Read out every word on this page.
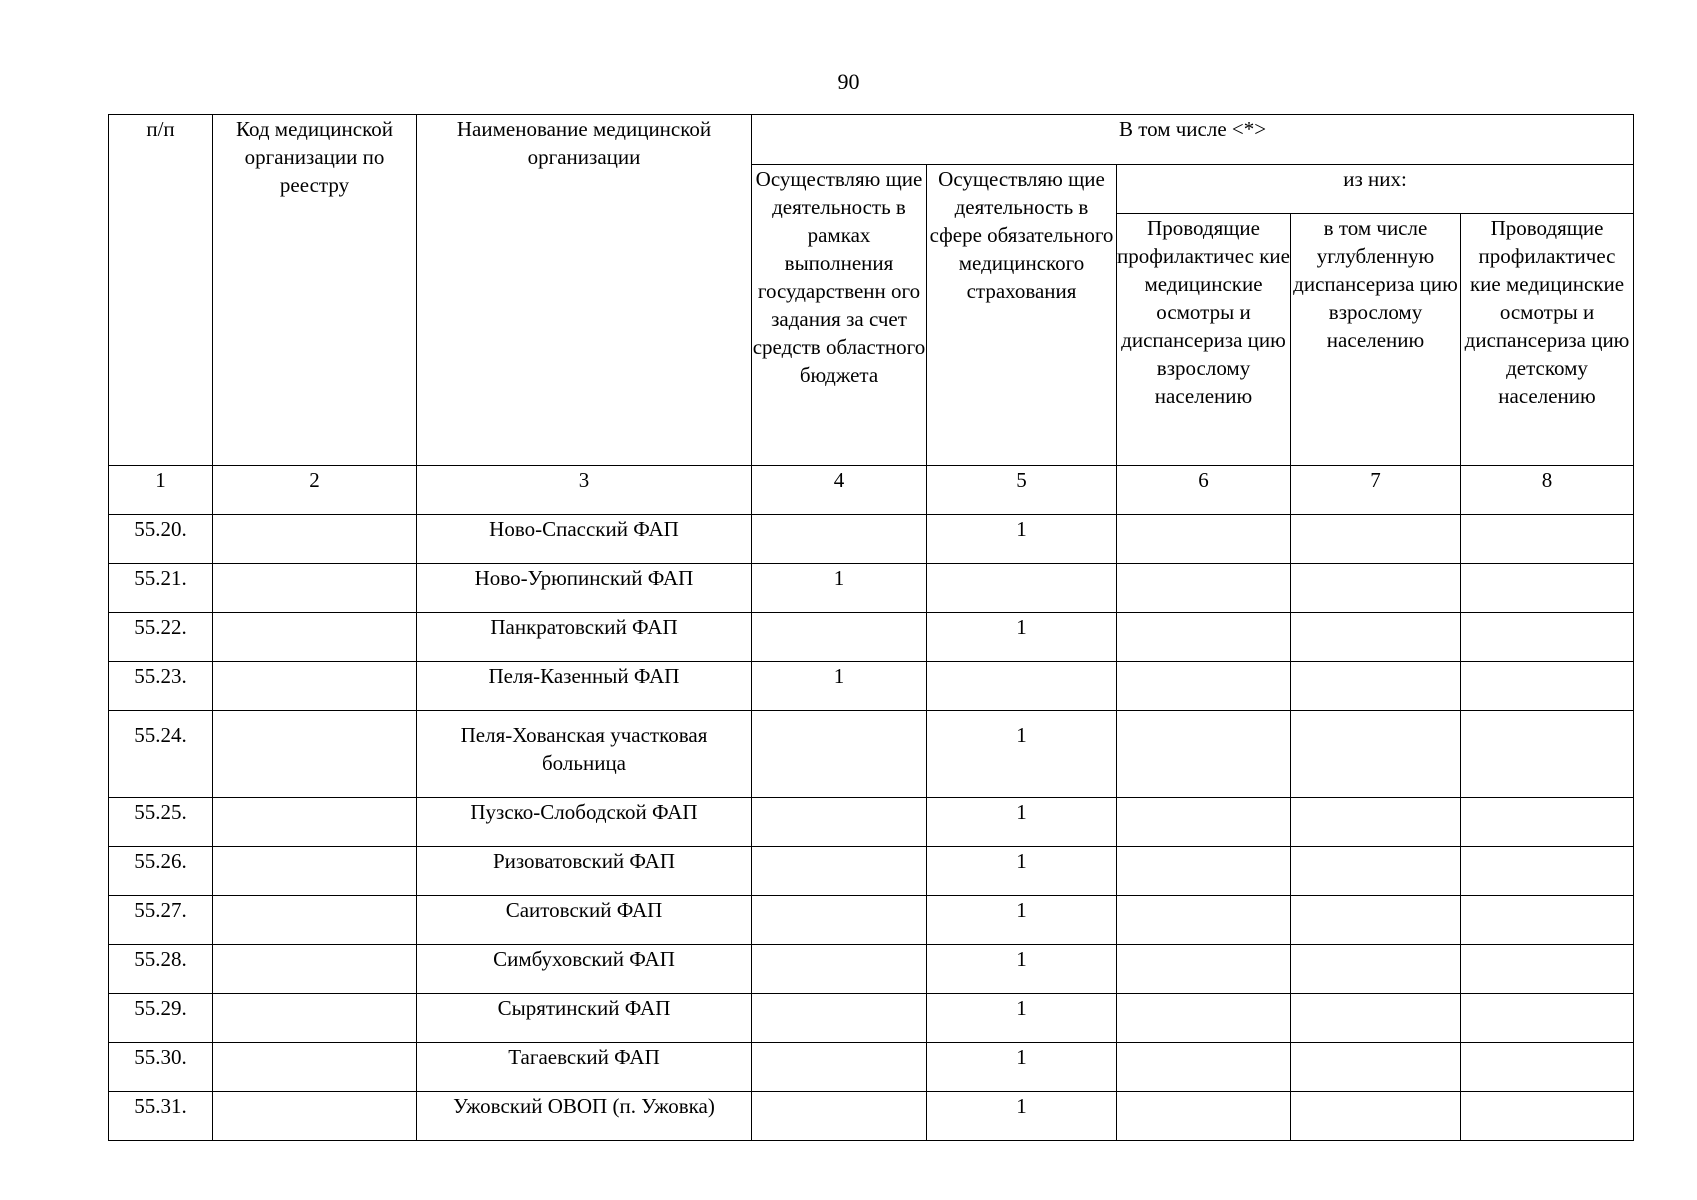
90
п/п	Код медицинской организации по реестру	Наименование медицинской организации	В том числе <*>				
			Осуществляю щие деятельность в рамках выполнения государственн ого задания за счет средств областного бюджета	Осуществляю щие деятельность в сфере обязательного медицинского страхования	из них:		
					Проводящие профилактичес кие медицинские осмотры и диспансериза цию взрослому населению	в том числе углубленную диспансериза цию взрослому населению	Проводящие профилактичес кие медицинские осмотры и диспансериза цию детскому населению
1	2	3	4	5	6	7	8
55.20.		Ново-Спасский ФАП		1			
55.21.		Ново-Урюпинский ФАП	1				
55.22.		Панкратовский ФАП		1			
55.23.		Пеля-Казенный ФАП	1				
55.24.		Пеля-Хованская участковая больница		1			
55.25.		Пузско-Слободской ФАП		1			
55.26.		Ризоватовский ФАП		1			
55.27.		Саитовский ФАП		1			
55.28.		Симбуховский ФАП		1			
55.29.		Сырятинский ФАП		1			
55.30.		Тагаевский ФАП		1			
55.31.		Ужовский ОВОП (п. Ужовка)		1			
